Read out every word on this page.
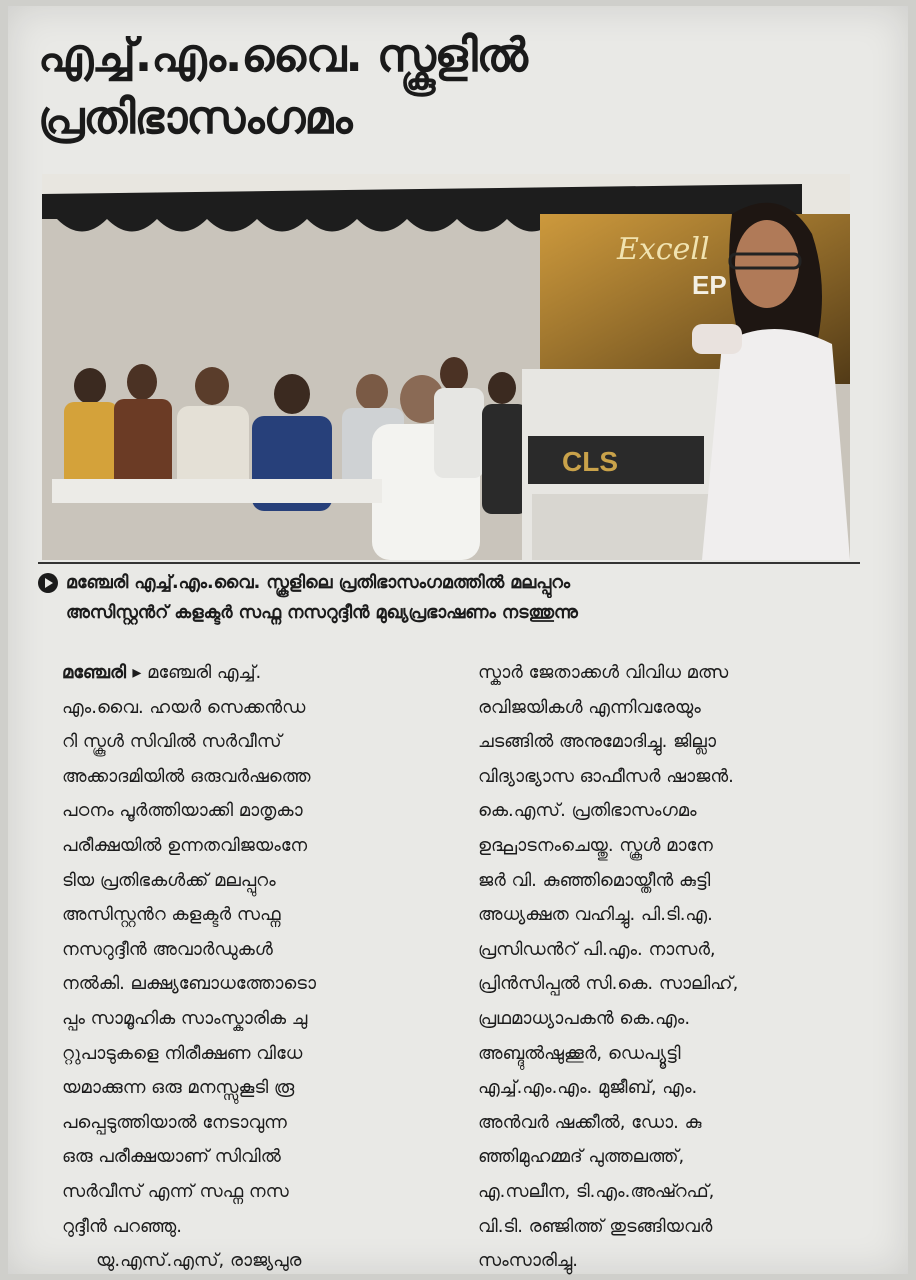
എച്ച്.എം.വൈ. സ്കൂളിൽ
പ്രതിഭാസംഗമം
Excell
EP
CLS
മഞ്ചേരി എച്ച്.എം.വൈ. സ്കൂളിലെ പ്രതിഭാസംഗമത്തിൽ മലപ്പുറം
അസിസ്റ്റൻറ് കളക്ടർ സഫ്ന നസറുദ്ദീൻ മുഖ്യപ്രഭാഷണം നടത്തുന്നു
മഞ്ചേരി ▸ മഞ്ചേരി എച്ച്.
എം.വൈ. ഹയർ സെക്കൻഡ
റി സ്കൂൾ സിവിൽ സർവീസ്
അക്കാദമിയിൽ ഒരുവർഷത്തെ
പഠനം പൂർത്തിയാക്കി മാതൃകാ
പരീക്ഷയിൽ ഉന്നതവിജയംനേ
ടിയ പ്രതിഭകൾക്ക് മലപ്പുറം
അസിസ്റ്റൻറ കളക്ടർ സഫ്ന
നസറുദ്ദീൻ അവാർഡുകൾ
നൽകി. ലക്ഷ്യബോധത്തോടൊ
പ്പം സാമൂഹിക സാംസ്കാരിക ചു
റ്റുപാടുകളെ നിരീക്ഷണ വിധേ
യമാക്കുന്ന ഒരു മനസ്സുകൂടി രൂ
പപ്പെടുത്തിയാൽ നേടാവുന്ന
ഒരു പരീക്ഷയാണ് സിവിൽ
സർവീസ് എന്ന് സഫ്ന നസ
റുദ്ദീൻ പറഞ്ഞു.
യു.എസ്.എസ്, രാജ്യപുര
സ്കാർ ജേതാക്കൾ വിവിധ മത്സ
രവിജയികൾ എന്നിവരേയും
ചടങ്ങിൽ അനുമോദിച്ചു. ജില്ലാ
വിദ്യാഭ്യാസ ഓഫീസർ ഷാജൻ.
കെ.എസ്. പ്രതിഭാസംഗമം
ഉദ്ഘാടനംചെയ്തു. സ്കൂൾ മാനേ
ജർ വി. കുഞ്ഞിമൊയ്തീൻ കുട്ടി
അധ്യക്ഷത വഹിച്ചു. പി.ടി.എ.
പ്രസിഡൻറ് പി.എം. നാസർ,
പ്രിൻസിപ്പൽ സി.കെ. സാലിഹ്,
പ്രഥമാധ്യാപകൻ കെ.എം.
അബ്ദുൽഷുക്കൂർ, ഡെപ്യൂട്ടി
എച്ച്.എം.എം. മുജീബ്, എം.
അൻവർ ഷക്കീൽ, ഡോ. കു
ഞ്ഞിമുഹമ്മദ് പുത്തലത്ത്,
എ.സലീന, ടി.എം.അഷ്റഫ്,
വി.ടി. രഞ്ജിത്ത് തുടങ്ങിയവർ
സംസാരിച്ചു.
